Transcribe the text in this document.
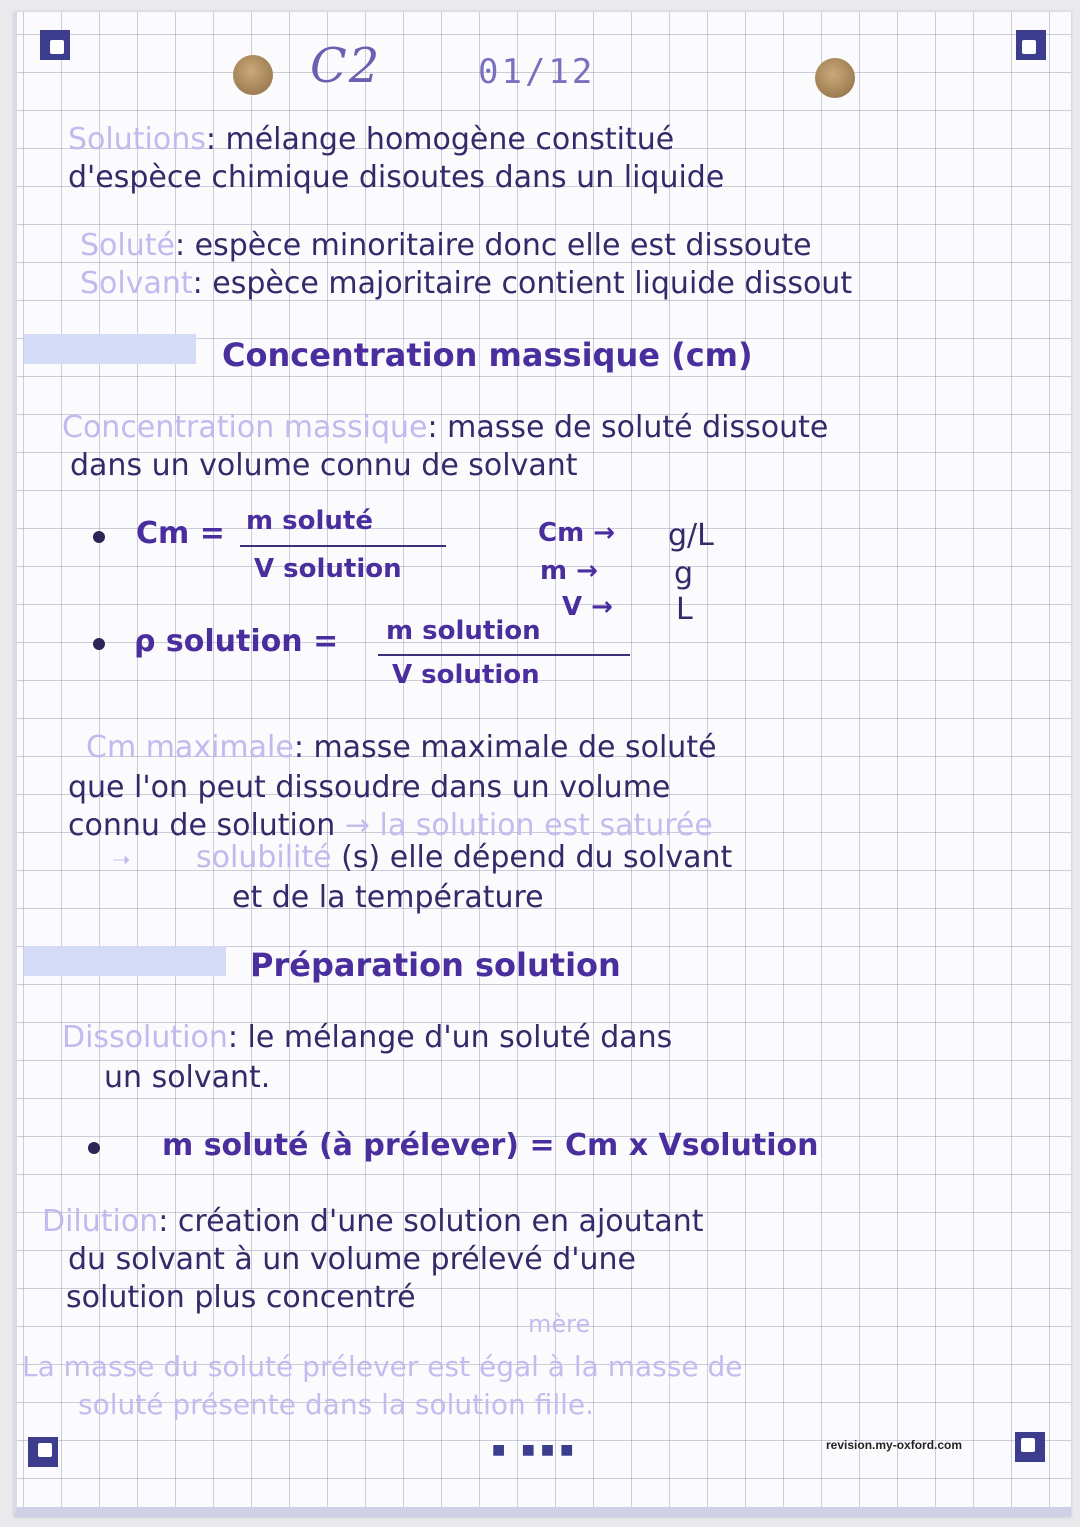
C2	01/12
Solutions: mélange homogène constitué
d'espèce chimique disoutes dans un liquide
Soluté: espèce minoritaire donc elle est dissoute
Solvant: espèce majoritaire contient liquide dissout
Concentration massique (cm)
Concentration massique: masse de soluté dissoute
dans un volume connu de solvant
Cm = m soluté
V solution
Cm → g/L
m →	g
V → L
ρ solution = m solution
V solution
Cm maximale: masse maximale de soluté
que l'on peut dissoudre dans un volume
connu de solution → la solution est saturée
➝ solubilité (s) elle dépend du solvant
et de la température
Préparation solution
Dissolution: le mélange d'un soluté dans
un solvant.
m soluté (à prélever) = Cm x Vsolution
Dilution: création d'une solution en ajoutant
du solvant à un volume prélevé d'une
solution plus concentré
mère
La masse du soluté prélever est égal à la masse de
soluté présente dans la solution fille.
■ ■■■	revision.my-oxford.com
